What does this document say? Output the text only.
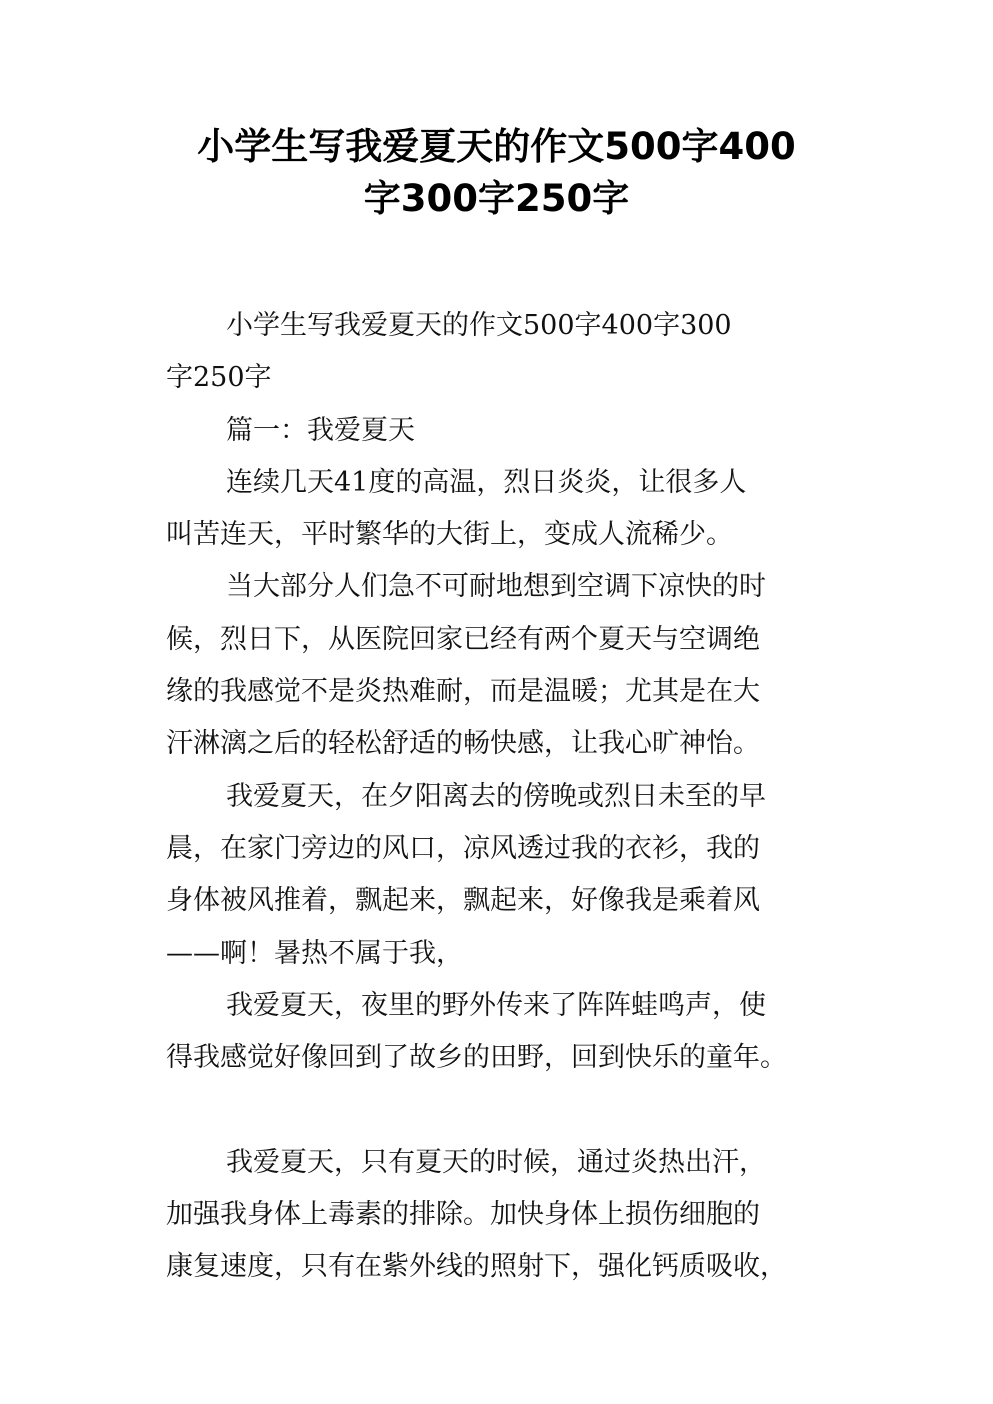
小学生写我爱夏天的作文500字400
字300字250字
小学生写我爱夏天的作文500字400字300
字250字
篇一：我爱夏天
连续几天41度的高温，烈日炎炎，让很多人
叫苦连天，平时繁华的大街上，变成人流稀少。
当大部分人们急不可耐地想到空调下凉快的时
候，烈日下，从医院回家已经有两个夏天与空调绝
缘的我感觉不是炎热难耐，而是温暖；尤其是在大
汗淋漓之后的轻松舒适的畅快感，让我心旷神怡。
我爱夏天，在夕阳离去的傍晚或烈日未至的早
晨，在家门旁边的风口，凉风透过我的衣衫，我的
身体被风推着，飘起来，飘起来，好像我是乘着风
——啊！暑热不属于我，
我爱夏天，夜里的野外传来了阵阵蛙鸣声，使
得我感觉好像回到了故乡的田野，回到快乐的童年。
我爱夏天，只有夏天的时候，通过炎热出汗，
加强我身体上毒素的排除。加快身体上损伤细胞的
康复速度，只有在紫外线的照射下，强化钙质吸收，
